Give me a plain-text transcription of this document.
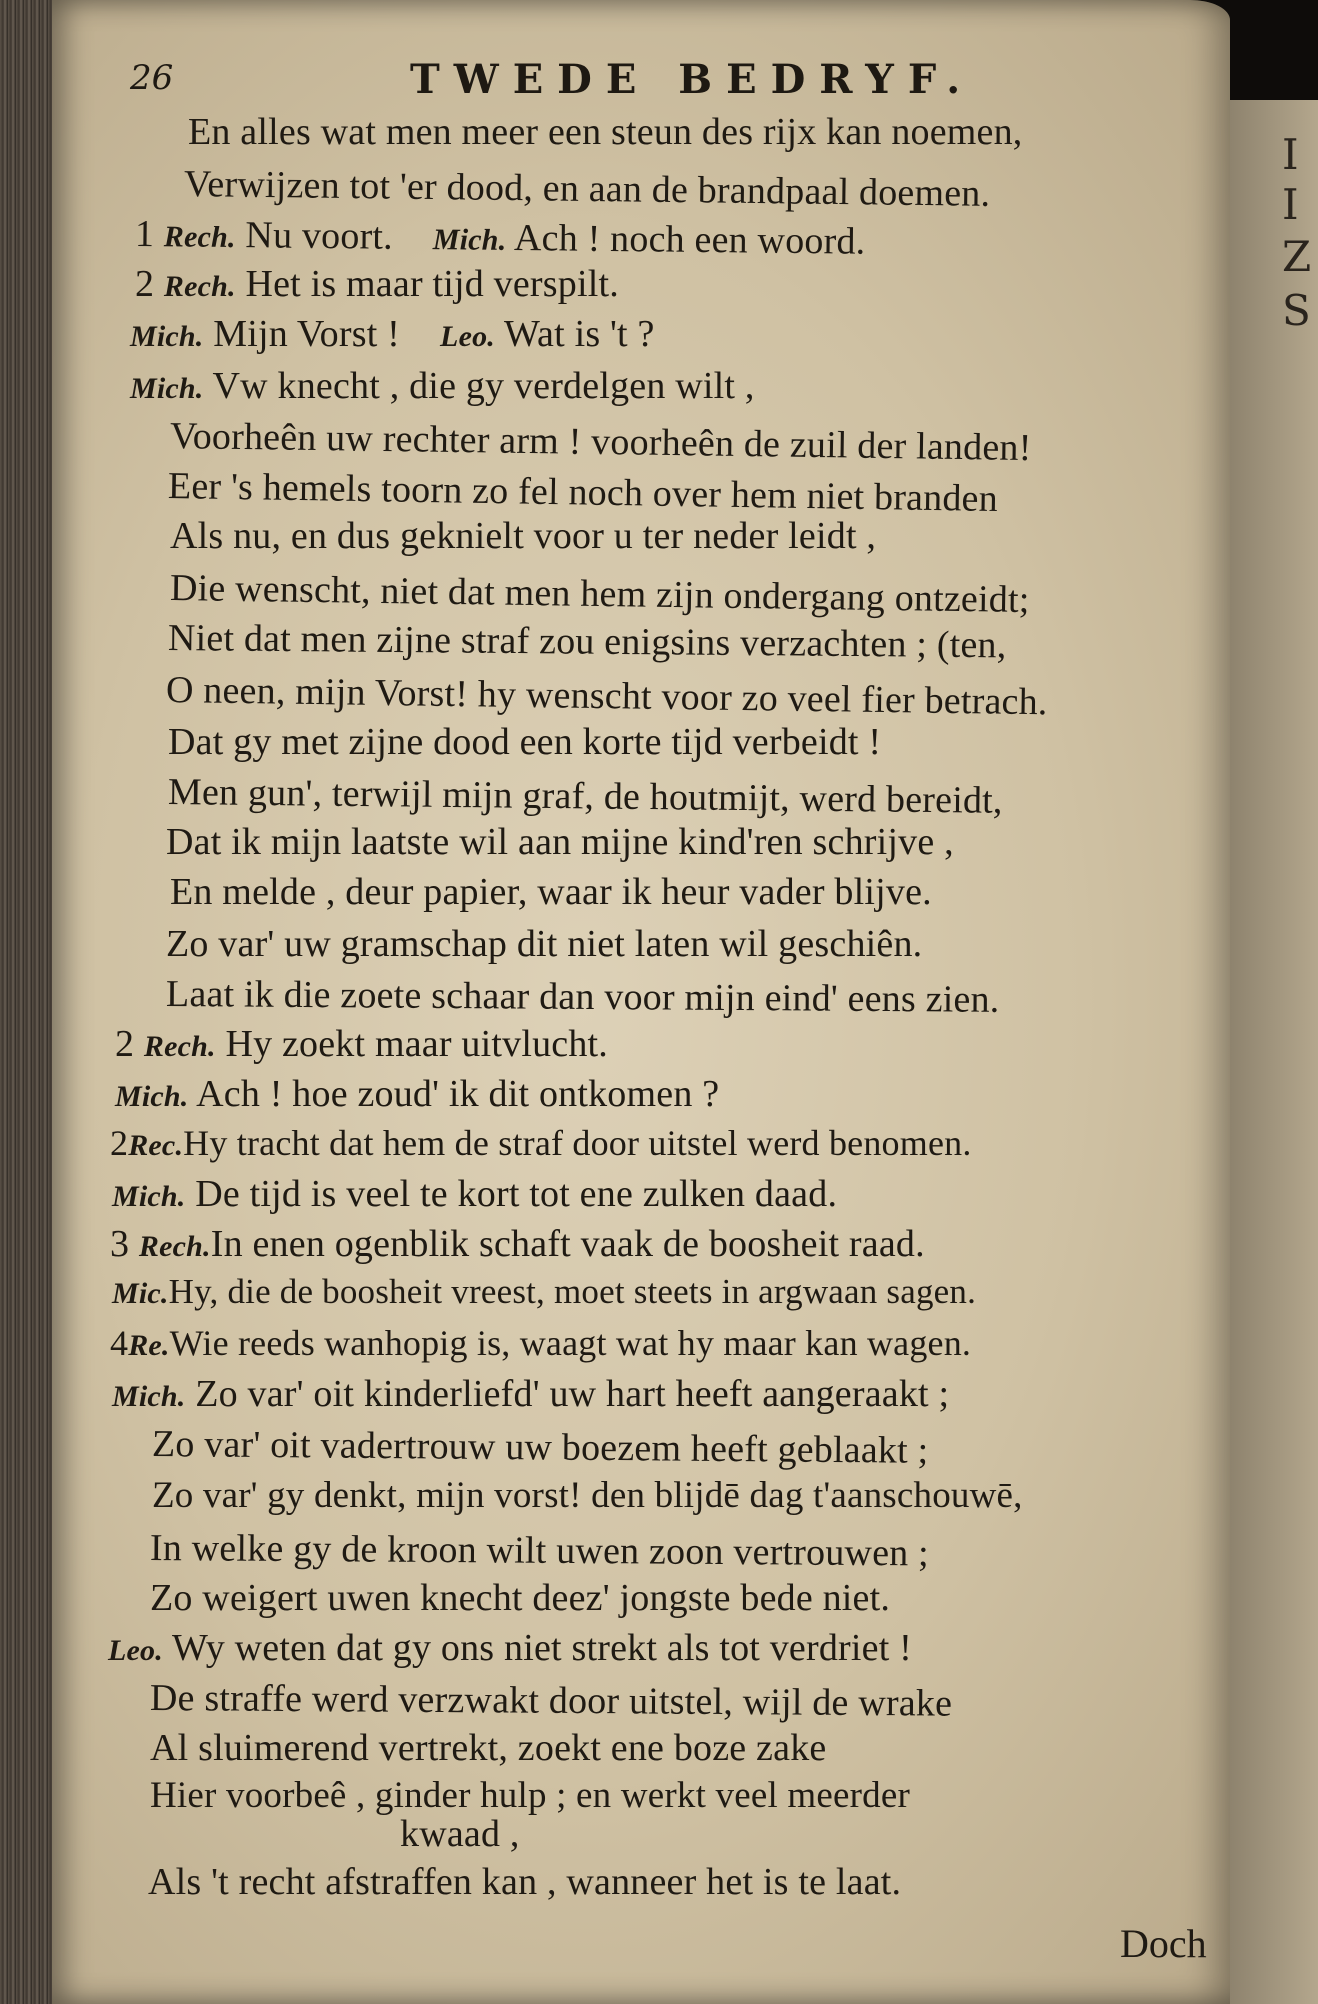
I
I
Z
S
26	TWEDE BEDRYF.
En alles wat men meer een steun des rijx kan noemen,
Verwijzen tot 'er dood, en aan de brandpaal doemen.
1 Rech. Nu voort. Mich. Ach ! noch een woord.
2 Rech. Het is maar tijd verspilt.
Mich. Mijn Vorst ! Leo. Wat is 't ?
Mich. Vw knecht , die gy verdelgen wilt ,
Voorheên uw rechter arm ! voorheên de zuil der landen!
Eer 's hemels toorn zo fel noch over hem niet branden
Als nu, en dus geknielt voor u ter neder leidt ,
Die wenscht, niet dat men hem zijn ondergang ontzeidt;
Niet dat men zijne straf zou enigsins verzachten ; (ten,
O neen, mijn Vorst! hy wenscht voor zo veel fier betrach.
Dat gy met zijne dood een korte tijd verbeidt !
Men gun', terwijl mijn graf, de houtmijt, werd bereidt,
Dat ik mijn laatste wil aan mijne kind'ren schrijve ,
En melde , deur papier, waar ik heur vader blijve.
Zo var' uw gramschap dit niet laten wil geschiên.
Laat ik die zoete schaar dan voor mijn eind' eens zien.
2 Rech. Hy zoekt maar uitvlucht.
Mich. Ach ! hoe zoud' ik dit ontkomen ?
2Rec.Hy tracht dat hem de straf door uitstel werd benomen.
Mich. De tijd is veel te kort tot ene zulken daad.
3 Rech.In enen ogenblik schaft vaak de boosheit raad.
Mic.Hy, die de boosheit vreest, moet steets in argwaan sagen.
4Re.Wie reeds wanhopig is, waagt wat hy maar kan wagen.
Mich. Zo var' oit kinderliefd' uw hart heeft aangeraakt ;
Zo var' oit vadertrouw uw boezem heeft geblaakt ;
Zo var' gy denkt, mijn vorst! den blijdē dag t'aanschouwē,
In welke gy de kroon wilt uwen zoon vertrouwen ;
Zo weigert uwen knecht deez' jongste bede niet.
Leo. Wy weten dat gy ons niet strekt als tot verdriet !
De straffe werd verzwakt door uitstel, wijl de wrake
Al sluimerend vertrekt, zoekt ene boze zake
Hier voorbeê , ginder hulp ; en werkt veel meerder
kwaad ,
Als 't recht afstraffen kan , wanneer het is te laat.
Doch
